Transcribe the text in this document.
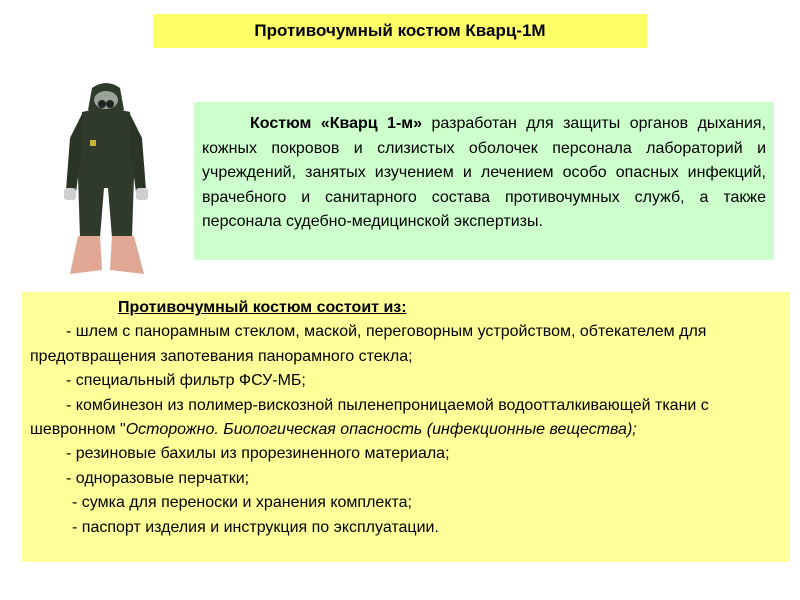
Противочумный костюм Кварц-1М
Костюм «Кварц 1-м» разработан для защиты органов дыхания, кожных покровов и слизистых оболочек персонала лабораторий и учреждений, занятых изучением и лечением особо опасных инфекций, врачебного и санитарного состава противочумных служб, а также персонала судебно-медицинской экспертизы.

Противочумный костюм состоит из:

- шлем с панорамным стеклом, маской, переговорным устройством, обтекателем для предотвращения запотевания панорамного стекла;

- специальный фильтр ФСУ-МБ;

- комбинезон из полимер-вискозной пыленепроницаемой водоотталкивающей ткани с шевронном "Осторожно. Биологическая опасность (инфекционные вещества);

- резиновые бахилы из прорезиненного материала;

- одноразовые перчатки;

- сумка для переноски и хранения комплекта;

- паспорт изделия и инструкция по эксплуатации.
